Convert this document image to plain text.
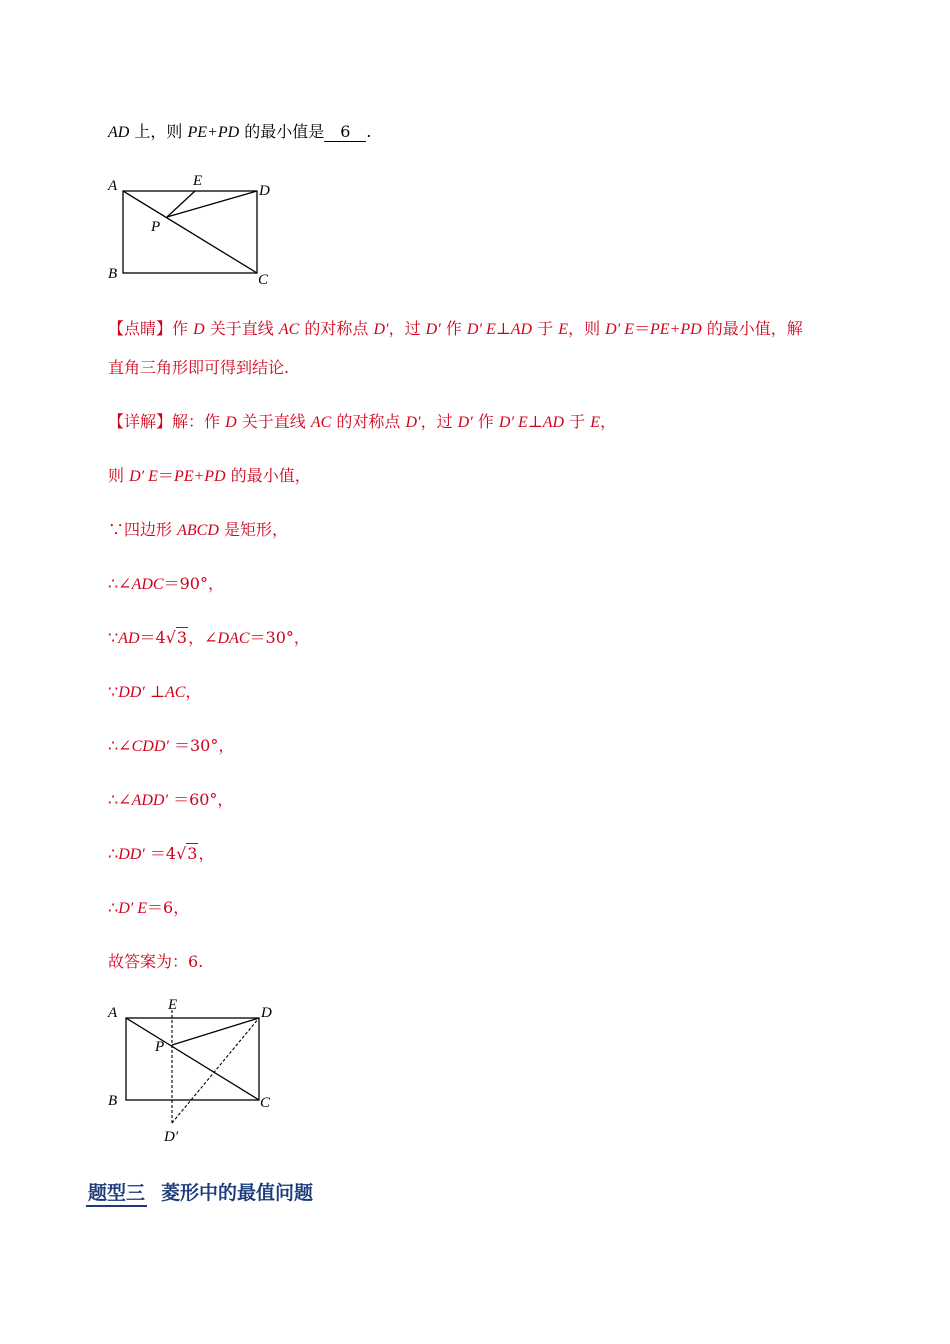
AD 上，则 PE+PD 的最小值是 6 .
A	E
D
P
B	C
【点睛】作 D 关于直线 AC 的对称点 D′，过 D′ 作 D′ E⊥AD 于 E，则 D′ E＝PE+PD 的最小值，解
直角三角形即可得到结论.
【详解】解：作 D 关于直线 AC 的对称点 D′，过 D′ 作 D′ E⊥AD 于 E，
则 D′ E＝PE+PD 的最小值，
∵四边形 ABCD 是矩形，
∴∠ADC＝90°，
∵AD＝4√3，∠DAC＝30°，
∵DD′ ⊥AC，
∴∠CDD′ ＝30°，
∴∠ADD′ ＝60°，
∴DD′ ＝4√3，
∴D′ E＝6，
故答案为：6.
A	E	D
P
B	C
D′
题型三 菱形中的最值问题
